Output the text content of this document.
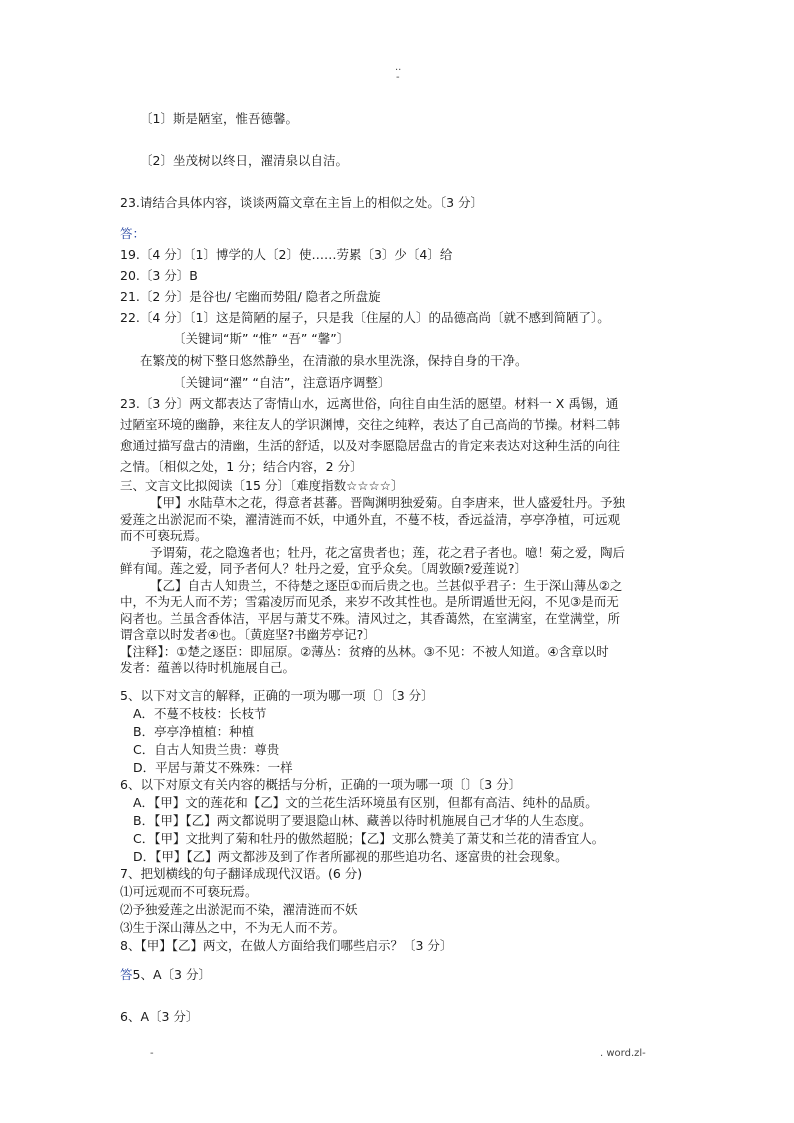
..
-
〔1〕斯是陋室，惟吾德馨。
〔2〕坐茂树以终日，濯清泉以自洁。
23.请结合具体内容，谈谈两篇文章在主旨上的相似之处。〔3 分〕
答：
19.〔4 分〕〔1〕博学的人〔2〕使……劳累〔3〕少〔4〕给
20.〔3 分〕B
21.〔2 分〕是谷也/ 宅幽而势阻/ 隐者之所盘旋
22.〔4 分〕〔1〕这是简陋的屋子，只是我〔住屋的人〕的品德高尚〔就不感到简陋了〕。
〔关键词“斯” “惟” “吾” “馨”〕
在繁茂的树下整日悠然静坐，在清澈的泉水里洗涤，保持自身的干净。
〔关键词“濯” “自洁”，注意语序调整〕
23.〔3 分〕两文都表达了寄情山水，远离世俗，向往自由生活的愿望。材料一 X 禹锡，通
过陋室环境的幽静，来往友人的学识渊博，交往之纯粹，表达了自己高尚的节操。材料二韩
愈通过描写盘古的清幽，生活的舒适，以及对李愿隐居盘古的肯定来表达对这种生活的向往
之情。〔相似之处，1 分；结合内容，2 分〕
三、文言文比拟阅读〔15 分〕〔难度指数☆☆☆☆〕
【甲】水陆草木之花，得意者甚蕃。晋陶渊明独爱菊。自李唐来，世人盛爱牡丹。予独
爱莲之出淤泥而不染，濯清涟而不妖，中通外直，不蔓不枝，香远益清，亭亭净植，可远观
而不可亵玩焉。
予谓菊，花之隐逸者也；牡丹，花之富贵者也；莲，花之君子者也。噫！菊之爱，陶后
鲜有闻。莲之爱，同予者何人？牡丹之爱，宜乎众矣。〔周敦颐?爱莲说?〕
【乙】自古人知贵兰，不待楚之逐臣①而后贵之也。兰甚似乎君子：生于深山薄丛②之
中，不为无人而不芳；雪霜凌厉而见杀，来岁不改其性也。是所谓遁世无闷，不见③是而无
闷者也。兰虽含香体洁，平居与萧艾不殊。清风过之，其香蔼然，在室满室，在堂满堂，所
谓含章以时发者④也。〔黄庭坚?书幽芳亭记?〕
【注释】：①楚之逐臣：即屈原。②薄丛：贫瘠的丛林。③不见：不被人知道。④含章以时
发者：蕴善以待时机施展自己。
5、以下对文言的解释，正确的一项为哪一项〔〕〔3 分〕
A．不蔓不枝枝：长枝节
B．亭亭净植植：种植
C．自古人知贵兰贵：尊贵
D．平居与萧艾不殊殊：一样
6、以下对原文有关内容的概括与分析，正确的一项为哪一项〔〕〔3 分〕
A．【甲】文的莲花和【乙】文的兰花生活环境虽有区别，但都有高洁、纯朴的品质。
B．【甲】【乙】两文都说明了要退隐山林、藏善以待时机施展自己才华的人生态度。
C．【甲】文批判了菊和牡丹的傲然超脱；【乙】文那么赞美了萧艾和兰花的清香宜人。
D．【甲】【乙】两文都涉及到了作者所鄙视的那些追功名、逐富贵的社会现象。
7、把划横线的句子翻译成现代汉语。(6 分)
⑴可远观而不可亵玩焉。
⑵予独爱莲之出淤泥而不染，濯清涟而不妖
⑶生于深山薄丛之中，不为无人而不芳。
8、【甲】【乙】两文，在做人方面给我们哪些启示？〔3 分〕
答5、A〔3 分〕
6、A〔3 分〕
-	. word.zl-
